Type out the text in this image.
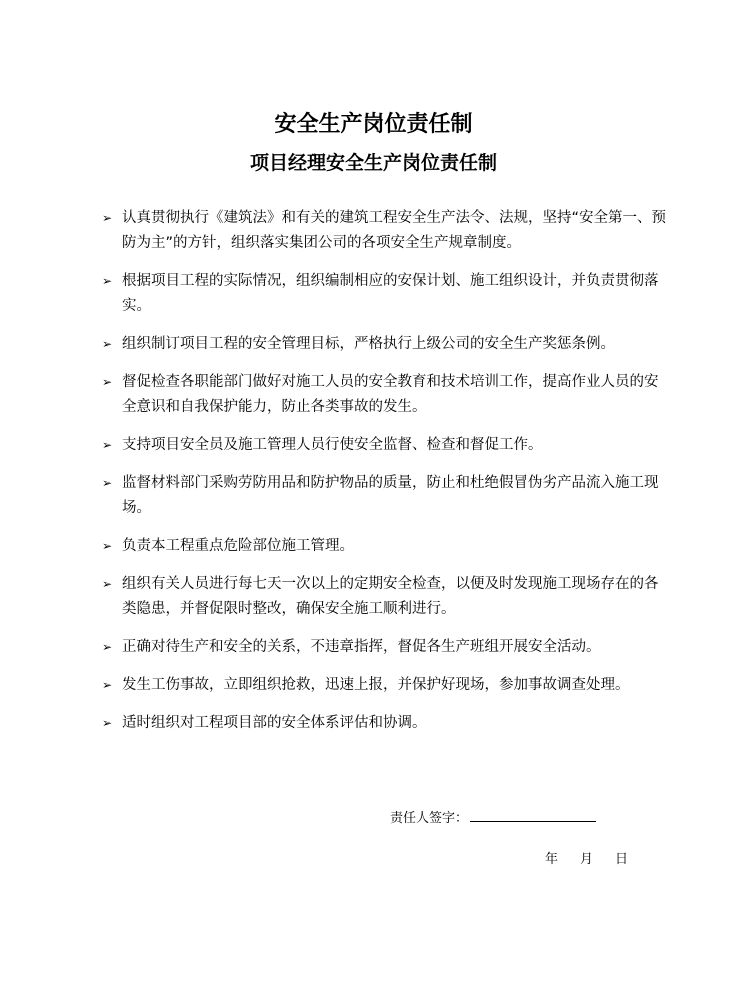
安全生产岗位责任制
项目经理安全生产岗位责任制
➢ 认真贯彻执行《建筑法》和有关的建筑工程安全生产法令、法规，坚持“安全第一、预防为主”的方针，组织落实集团公司的各项安全生产规章制度。
➢ 根据项目工程的实际情况，组织编制相应的安保计划、施工组织设计，并负责贯彻落实。
➢ 组织制订项目工程的安全管理目标，严格执行上级公司的安全生产奖惩条例。
➢ 督促检查各职能部门做好对施工人员的安全教育和技术培训工作，提高作业人员的安全意识和自我保护能力，防止各类事故的发生。
➢ 支持项目安全员及施工管理人员行使安全监督、检查和督促工作。
➢ 监督材料部门采购劳防用品和防护物品的质量，防止和杜绝假冒伪劣产品流入施工现场。
➢ 负责本工程重点危险部位施工管理。
➢ 组织有关人员进行每七天一次以上的定期安全检查，以便及时发现施工现场存在的各类隐患，并督促限时整改，确保安全施工顺利进行。
➢ 正确对待生产和安全的关系，不违章指挥，督促各生产班组开展安全活动。
➢ 发生工伤事故，立即组织抢救，迅速上报，并保护好现场，参加事故调查处理。
➢ 适时组织对工程项目部的安全体系评估和协调。
责任人签字：
年 月 日
